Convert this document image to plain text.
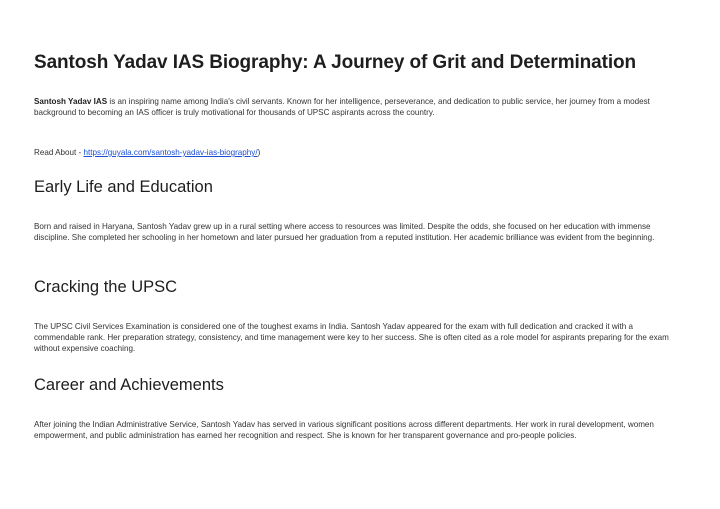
Santosh Yadav IAS Biography: A Journey of Grit and Determination

Santosh Yadav IAS is an inspiring name among India's civil servants. Known for her intelligence, perseverance, and dedication to public service, her journey from a modest background to becoming an IAS officer is truly motivational for thousands of UPSC aspirants across the country.

Read About - https://guyala.com/santosh-yadav-ias-biography/)

Early Life and Education

Born and raised in Haryana, Santosh Yadav grew up in a rural setting where access to resources was limited. Despite the odds, she focused on her education with immense discipline. She completed her schooling in her hometown and later pursued her graduation from a reputed institution. Her academic brilliance was evident from the beginning.

Cracking the UPSC

The UPSC Civil Services Examination is considered one of the toughest exams in India. Santosh Yadav appeared for the exam with full dedication and cracked it with a commendable rank. Her preparation strategy, consistency, and time management were key to her success. She is often cited as a role model for aspirants preparing for the exam without expensive coaching.

Career and Achievements

After joining the Indian Administrative Service, Santosh Yadav has served in various significant positions across different departments. Her work in rural development, women empowerment, and public administration has earned her recognition and respect. She is known for her transparent governance and pro-people policies.
